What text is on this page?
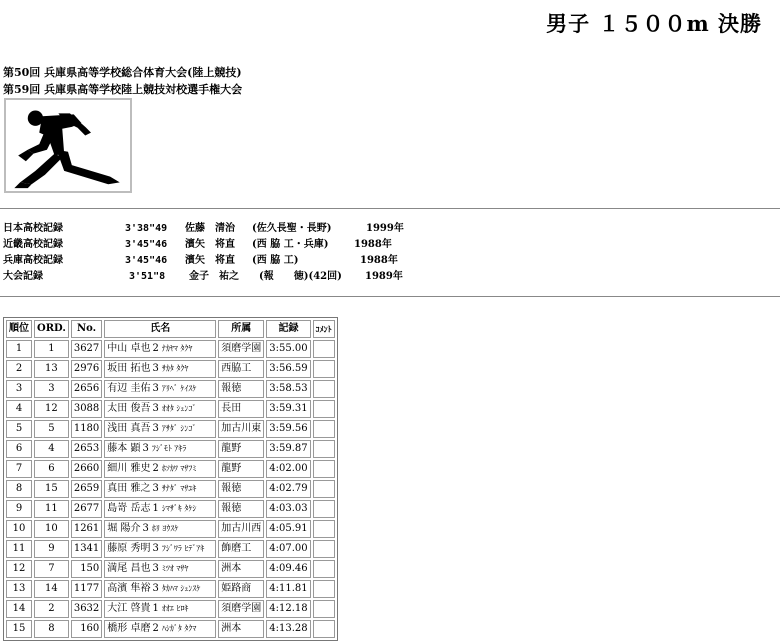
男子 １５００m 決勝
第50回 兵庫県高等学校総合体育大会(陸上競技)
第59回 兵庫県高等学校陸上競技対校選手権大会
日本高校記録	3'38"49 佐藤　清治 (佐久長聖・長野)	1999年
近畿高校記録	3'45"46 濱矢　将直 (西 脇 工・兵庫)	1988年
兵庫高校記録	3'45"46 濱矢　将直 (西 脇 工)	1988年
大会記録	3'51"8 金子　祐之 (報　　徳)(42回) 1989年
順位	ORD.	No.	氏名	所属	記録	ｺﾒﾝﾄ
1	1	3627	中山 卓也 2 ﾅｶﾔﾏ ﾀｸﾔ	須磨学園	3:55.00	
2	13	2976	坂田 拓也 3 ｻｶﾀ ﾀｸﾔ	西脇工	3:56.59	
3	3	2656	有辺 圭佑 3 ｱﾘﾍﾞ ｹｲｽｹ	報徳	3:58.53	
4	12	3088	太田 俊吾 3 ｵｵﾀ ｼｭﾝｺﾞ	長田	3:59.31	
5	5	1180	浅田 真吾 3 ｱｻﾀﾞ ｼﾝｺﾞ	加古川東	3:59.56	
6	4	2653	藤本 顕 3 ﾌｼﾞﾓﾄ ｱｷﾗ	龍野	3:59.87	
7	6	2660	細川 雅史 2 ﾎｿｶﾜ ﾏｻﾌﾐ	龍野	4:02.00	
8	15	2659	真田 雅之 3 ｻﾅﾀﾞ ﾏｻﾕｷ	報徳	4:02.79	
9	11	2677	島嵜 岳志 1 ｼﾏｻﾞｷ ﾀｹｼ	報徳	4:03.03	
10	10	1261	堀 陽介 3 ﾎﾘ ﾖｳｽｹ	加古川西	4:05.91	
11	9	1341	藤原 秀明 3 ﾌｼﾞﾜﾗ ﾋﾃﾞｱｷ	飾磨工	4:07.00	
12	7	150	満尾 昌也 3 ﾐﾂｵ ﾏｻﾔ	洲本	4:09.46	
13	14	1177	高濱 隼裕 3 ﾀｶﾊﾏ ｼｭﾝｽｹ	姫路商	4:11.81	
14	2	3632	大江 啓貴 1 ｵｵｴ ﾋﾛｷ	須磨学園	4:12.18	
15	8	160	橋形 卓磨 2 ﾊｼｶﾞﾀ ﾀｸﾏ	洲本	4:13.28	
